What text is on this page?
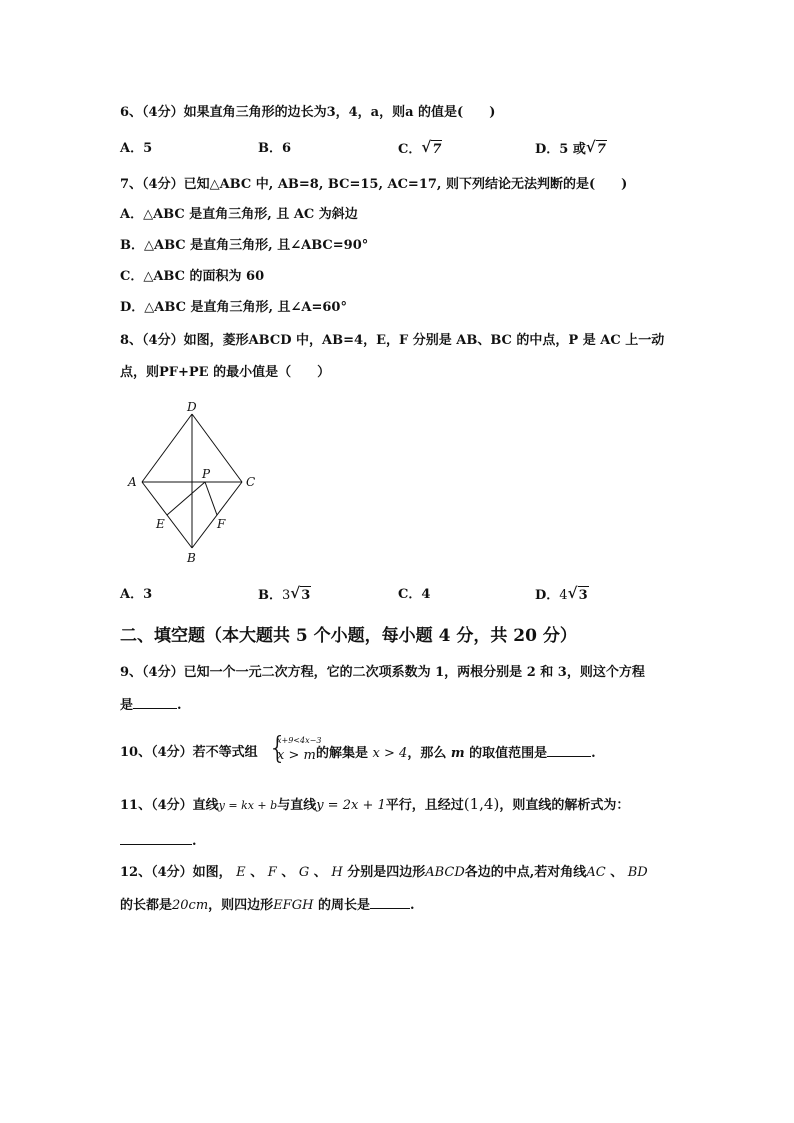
6、（4分）如果直角三角形的边长为3，4，a，则a 的值是(　　)
A．5	B．6	C． √ 7	D．5 或 √ 7
7、（4分）已知△ABC 中, AB=8, BC=15, AC=17, 则下列结论无法判断的是(　　)
A．△ABC 是直角三角形, 且 AC 为斜边
B．△ABC 是直角三角形, 且∠ABC=90°
C．△ABC 的面积为 60
D．△ABC 是直角三角形, 且∠A=60°
8、（4分）如图，菱形ABCD 中，AB=4，E，F 分别是 AB、BC 的中点，P 是 AC 上一动
点，则PF+PE 的最小值是（　　）
D
A	C
P
E	F
B
A．3	B．3 √ 3	C．4	D．4 √ 3
二、填空题（本大题共 5 个小题，每小题 4 分，共 20 分）
9、（4分）已知一个一元二次方程，它的二次项系数为 1，两根分别是 2 和 3，则这个方程
是	.
10、（4分）若不等式组 {
x+9<4x−3
x > m 的解集是 x > 4，那么 m 的取值范围是	.
11、（4分）直线y = kx + b与直线y = 2x + 1平行，且经过(1,4)，则直线的解析式为：
.
12、（4分）如图， E 、 F 、 G 、 H 分别是四边形ABCD各边的中点,若对角线AC 、 BD
的长都是20cm，则四边形EFGH 的周长是	.
